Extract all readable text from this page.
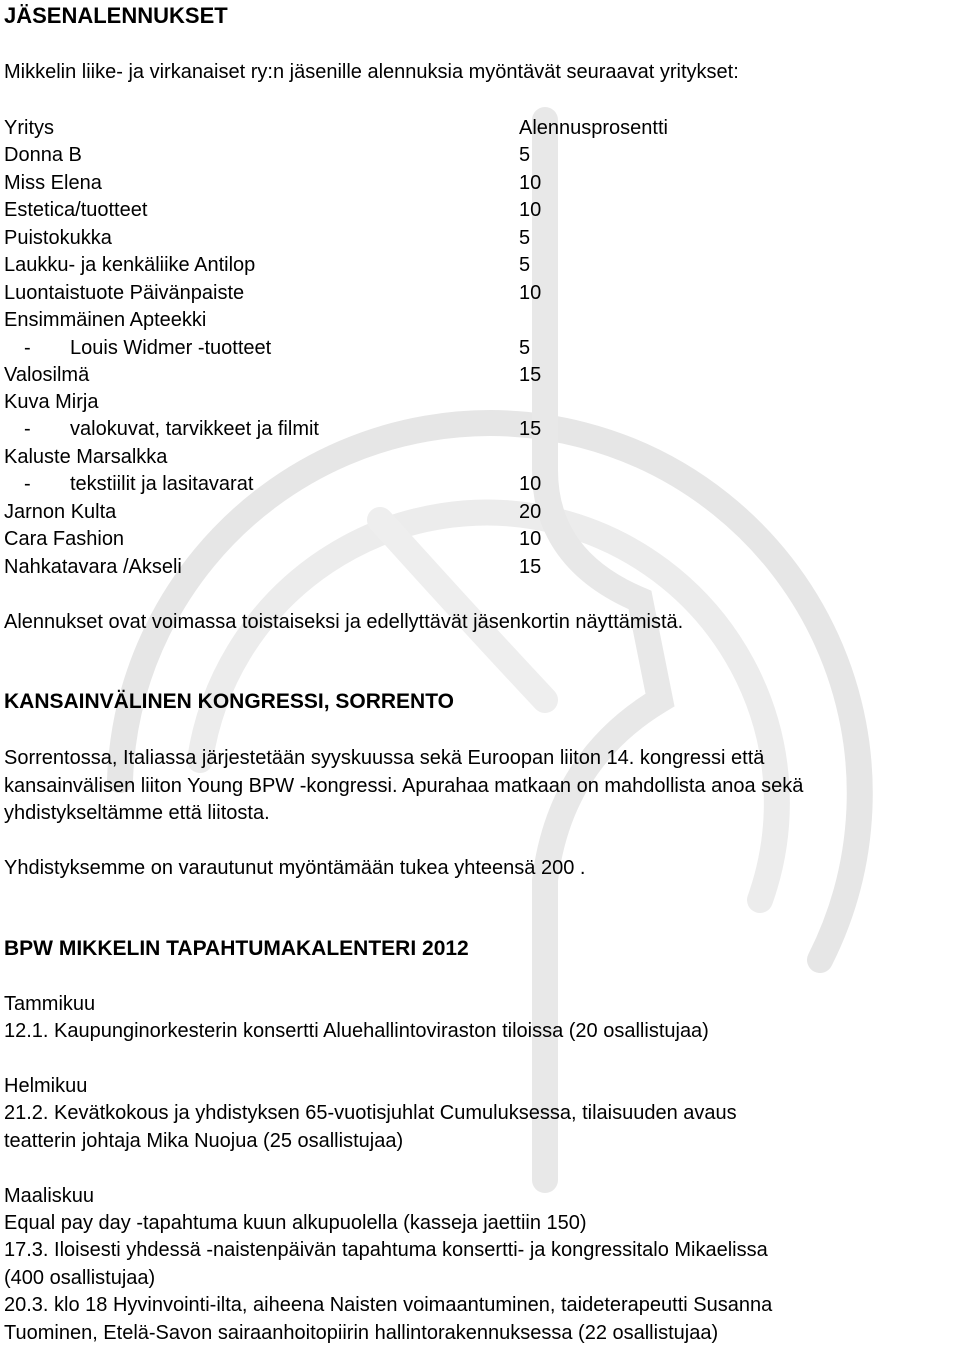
JÄSENALENNUKSET
Mikkelin liike- ja virkanaiset ry:n jäsenille alennuksia myöntävät seuraavat yritykset:
Yritys	Alennusprosentti
Donna B	5
Miss Elena	10
Estetica/tuotteet	10
Puistokukka	5
Laukku- ja kenkäliike Antilop	5
Luontaistuote Päivänpaiste	10
Ensimmäinen Apteekki
- Louis Widmer -tuotteet	5
Valosilmä	15
Kuva Mirja
- valokuvat, tarvikkeet ja filmit	15
Kaluste Marsalkka
- tekstiilit ja lasitavarat	10
Jarnon Kulta	20
Cara Fashion	10
Nahkatavara /Akseli	15
Alennukset ovat voimassa toistaiseksi ja edellyttävät jäsenkortin näyttämistä.
KANSAINVÄLINEN KONGRESSI, SORRENTO
Sorrentossa, Italiassa järjestetään syyskuussa sekä Euroopan liiton 14. kongressi että
kansainvälisen liiton Young BPW -kongressi. Apurahaa matkaan on mahdollista anoa sekä
yhdistykseltämme että liitosta.
Yhdistyksemme on varautunut myöntämään tukea yhteensä 200 .
BPW MIKKELIN TAPAHTUMAKALENTERI 2012
Tammikuu
12.1. Kaupunginorkesterin konsertti Aluehallintoviraston tiloissa (20 osallistujaa)
Helmikuu
21.2. Kevätkokous ja yhdistyksen 65-vuotisjuhlat Cumuluksessa, tilaisuuden avaus
teatterin johtaja Mika Nuojua (25 osallistujaa)
Maaliskuu
Equal pay day -tapahtuma kuun alkupuolella (kasseja jaettiin 150)
17.3. Iloisesti yhdessä -naistenpäivän tapahtuma konsertti- ja kongressitalo Mikaelissa
(400 osallistujaa)
20.3. klo 18 Hyvinvointi-ilta, aiheena Naisten voimaantuminen, taideterapeutti Susanna
Tuominen, Etelä-Savon sairaanhoitopiirin hallintorakennuksessa (22 osallistujaa)
